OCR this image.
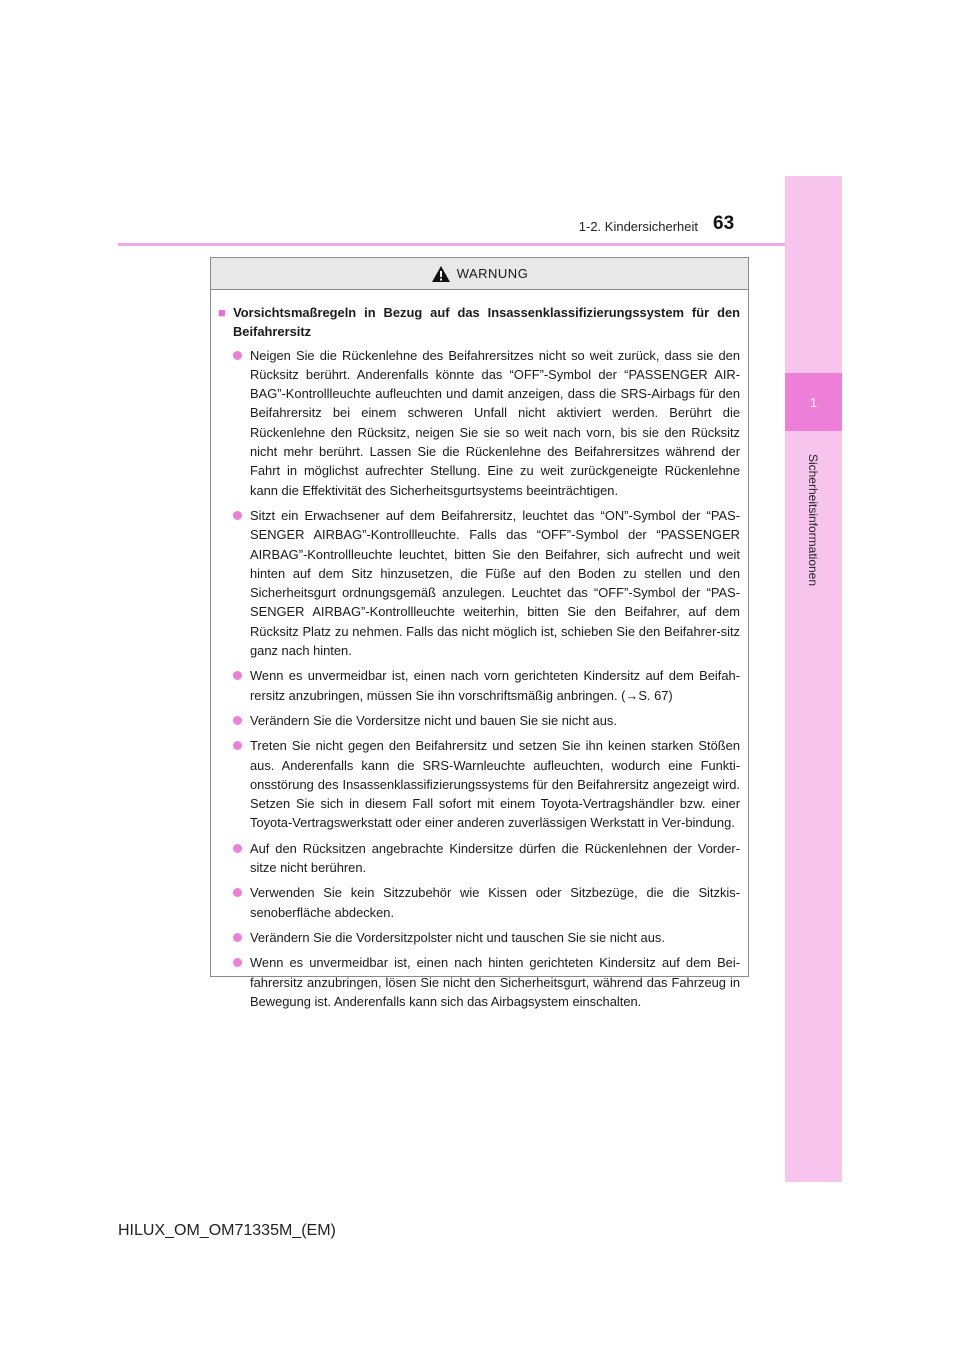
1
Sicherheitsinformationen
1-2. Kindersicherheit 63
WARNUNG

■ Vorsichtsmaßregeln in Bezug auf das Insassenklassifizierungssystem für den Beifahrersitz

Neigen Sie die Rückenlehne des Beifahrersitzes nicht so weit zurück, dass sie den Rücksitz berührt. Anderenfalls könnte das “OFF”-Symbol der “PASSENGER AIR-BAG”-Kontrollleuchte aufleuchten und damit anzeigen, dass die SRS-Airbags für den Beifahrersitz bei einem schweren Unfall nicht aktiviert werden. Berührt die Rückenlehne den Rücksitz, neigen Sie sie so weit nach vorn, bis sie den Rücksitz nicht mehr berührt. Lassen Sie die Rückenlehne des Beifahrersitzes während der Fahrt in möglichst aufrechter Stellung. Eine zu weit zurückgeneigte Rückenlehne kann die Effektivität des Sicherheitsgurtsystems beeinträchtigen.

Sitzt ein Erwachsener auf dem Beifahrersitz, leuchtet das “ON”-Symbol der “PAS-SENGER AIRBAG”-Kontrollleuchte. Falls das “OFF”-Symbol der “PASSENGER AIRBAG”-Kontrollleuchte leuchtet, bitten Sie den Beifahrer, sich aufrecht und weit hinten auf dem Sitz hinzusetzen, die Füße auf den Boden zu stellen und den Sicherheitsgurt ordnungsgemäß anzulegen. Leuchtet das “OFF”-Symbol der “PAS-SENGER AIRBAG”-Kontrollleuchte weiterhin, bitten Sie den Beifahrer, auf dem Rücksitz Platz zu nehmen. Falls das nicht möglich ist, schieben Sie den Beifahrer-sitz ganz nach hinten.

Wenn es unvermeidbar ist, einen nach vorn gerichteten Kindersitz auf dem Beifah-rersitz anzubringen, müssen Sie ihn vorschriftsmäßig anbringen. (→S. 67)

Verändern Sie die Vordersitze nicht und bauen Sie sie nicht aus.

Treten Sie nicht gegen den Beifahrersitz und setzen Sie ihn keinen starken Stößen aus. Anderenfalls kann die SRS-Warnleuchte aufleuchten, wodurch eine Funkti-onsstörung des Insassenklassifizierungssystems für den Beifahrersitz angezeigt wird. Setzen Sie sich in diesem Fall sofort mit einem Toyota-Vertragshändler bzw. einer Toyota-Vertragswerkstatt oder einer anderen zuverlässigen Werkstatt in Ver-bindung.

Auf den Rücksitzen angebrachte Kindersitze dürfen die Rückenlehnen der Vorder-sitze nicht berühren.

Verwenden Sie kein Sitzzubehör wie Kissen oder Sitzbezüge, die die Sitzkis-senoberfläche abdecken.

Verändern Sie die Vordersitzpolster nicht und tauschen Sie sie nicht aus.

Wenn es unvermeidbar ist, einen nach hinten gerichteten Kindersitz auf dem Bei-fahrersitz anzubringen, lösen Sie nicht den Sicherheitsgurt, während das Fahrzeug in Bewegung ist. Anderenfalls kann sich das Airbagsystem einschalten.

HILUX_OM_OM71335M_(EM)
